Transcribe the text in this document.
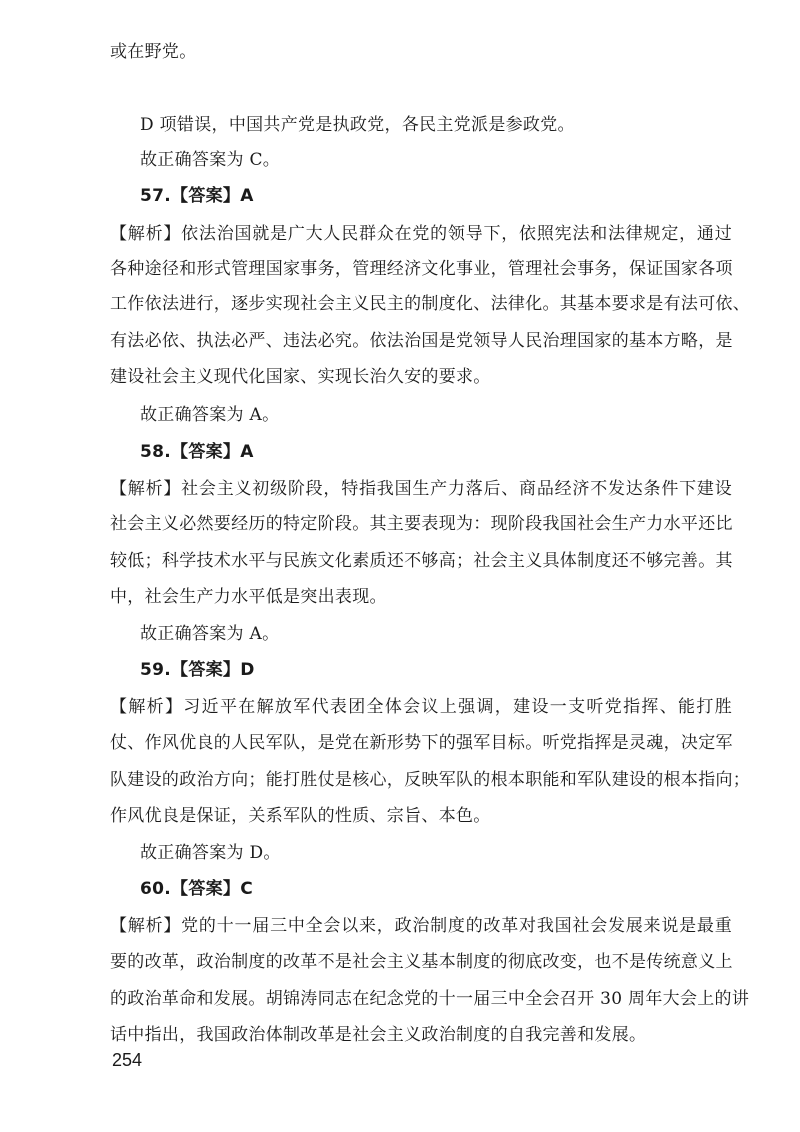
或在野党。
D 项错误，中国共产党是执政党，各民主党派是参政党。
故正确答案为 C。
57.【答案】A
【解析】依法治国就是广大人民群众在党的领导下，依照宪法和法律规定，通过
各种途径和形式管理国家事务，管理经济文化事业，管理社会事务，保证国家各项
工作依法进行，逐步实现社会主义民主的制度化、法律化。其基本要求是有法可依、
有法必依、执法必严、违法必究。依法治国是党领导人民治理国家的基本方略，是
建设社会主义现代化国家、实现长治久安的要求。
故正确答案为 A。
58.【答案】A
【解析】社会主义初级阶段，特指我国生产力落后、商品经济不发达条件下建设
社会主义必然要经历的特定阶段。其主要表现为：现阶段我国社会生产力水平还比
较低；科学技术水平与民族文化素质还不够高；社会主义具体制度还不够完善。其
中，社会生产力水平低是突出表现。
故正确答案为 A。
59.【答案】D
【解析】习近平在解放军代表团全体会议上强调，建设一支听党指挥、能打胜
仗、作风优良的人民军队，是党在新形势下的强军目标。听党指挥是灵魂，决定军
队建设的政治方向；能打胜仗是核心，反映军队的根本职能和军队建设的根本指向；
作风优良是保证，关系军队的性质、宗旨、本色。
故正确答案为 D。
60.【答案】C
【解析】党的十一届三中全会以来，政治制度的改革对我国社会发展来说是最重
要的改革，政治制度的改革不是社会主义基本制度的彻底改变，也不是传统意义上
的政治革命和发展。胡锦涛同志在纪念党的十一届三中全会召开 30 周年大会上的讲
话中指出，我国政治体制改革是社会主义政治制度的自我完善和发展。
254
